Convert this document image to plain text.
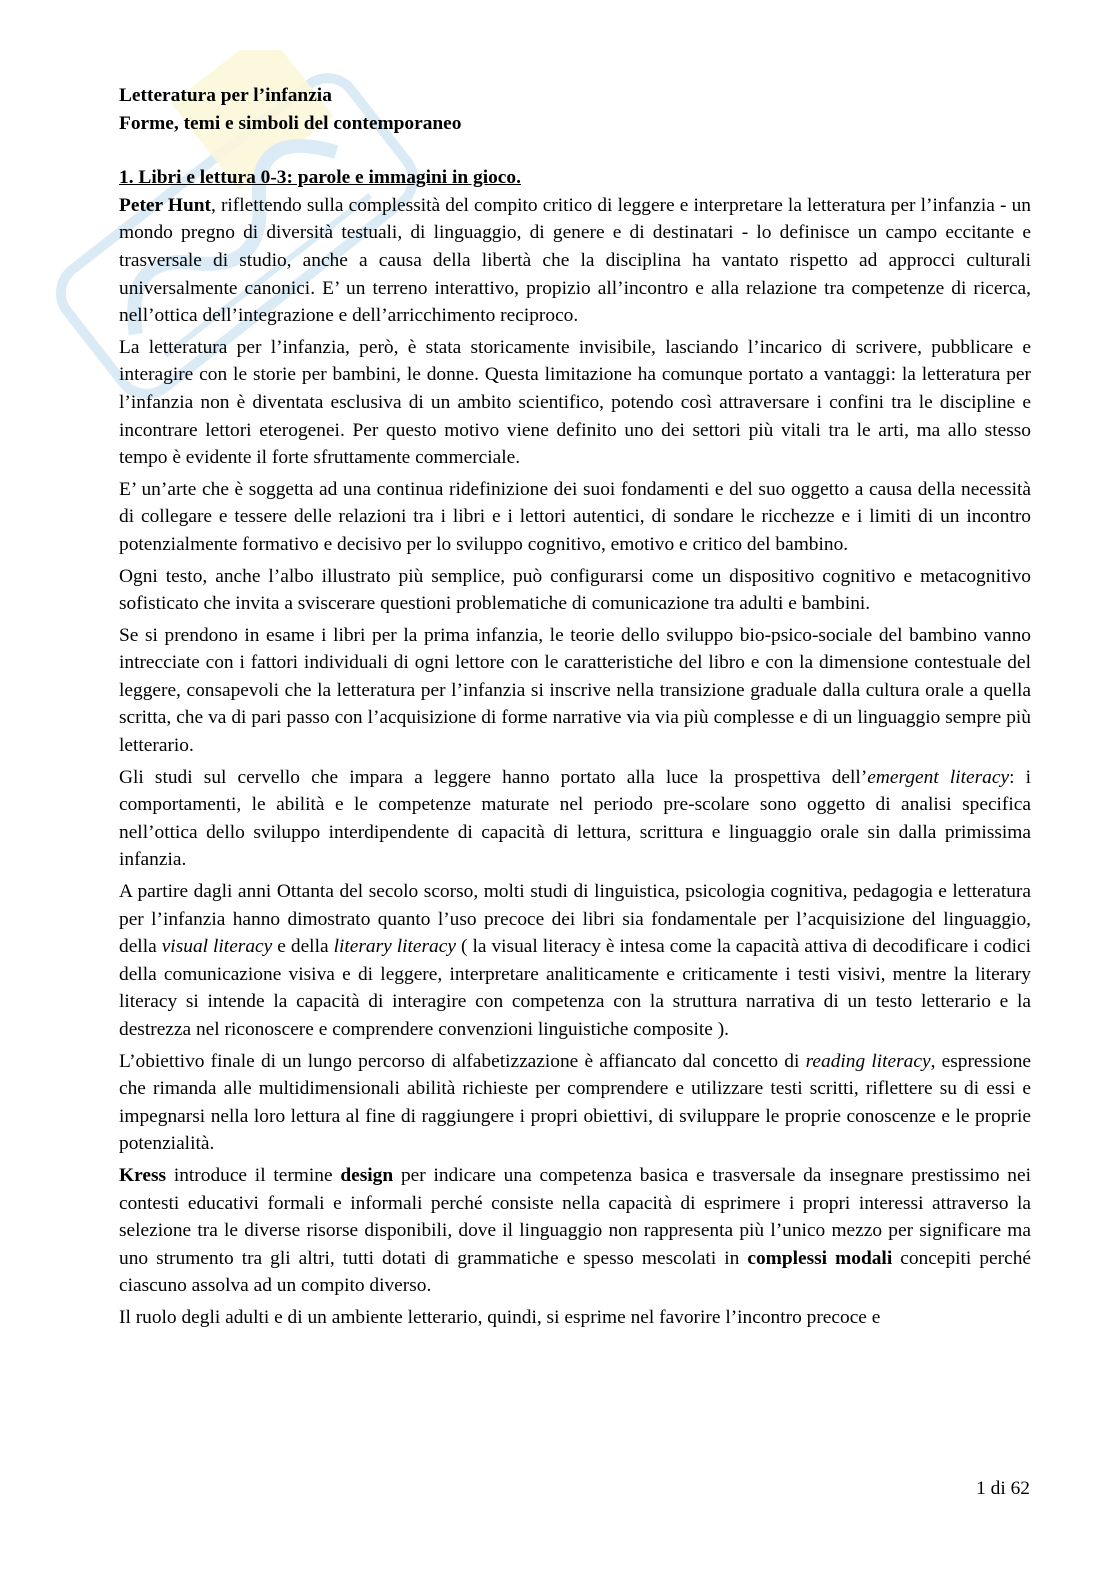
Letteratura per l’infanzia
Forme, temi e simboli del contemporaneo
1. Libri e lettura 0-3: parole e immagini in gioco.

Peter Hunt, riflettendo sulla complessità del compito critico di leggere e interpretare la letteratura per l’infanzia - un mondo pregno di diversità testuali, di linguaggio, di genere e di destinatari - lo definisce un campo eccitante e trasversale di studio, anche a causa della libertà che la disciplina ha vantato rispetto ad approcci culturali universalmente canonici. E’ un terreno interattivo, propizio all’incontro e alla relazione tra competenze di ricerca, nell’ottica dell’integrazione e dell’arricchimento reciproco.

La letteratura per l’infanzia, però, è stata storicamente invisibile, lasciando l’incarico di scrivere, pubblicare e interagire con le storie per bambini, le donne. Questa limitazione ha comunque portato a vantaggi: la letteratura per l’infanzia non è diventata esclusiva di un ambito scientifico, potendo così attraversare i confini tra le discipline e incontrare lettori eterogenei. Per questo motivo viene definito uno dei settori più vitali tra le arti, ma allo stesso tempo è evidente il forte sfruttamente commerciale.

E’ un’arte che è soggetta ad una continua ridefinizione dei suoi fondamenti e del suo oggetto a causa della necessità di collegare e tessere delle relazioni tra i libri e i lettori autentici, di sondare le ricchezze e i limiti di un incontro potenzialmente formativo e decisivo per lo sviluppo cognitivo, emotivo e critico del bambino.

Ogni testo, anche l’albo illustrato più semplice, può configurarsi come un dispositivo cognitivo e metacognitivo sofisticato che invita a sviscerare questioni problematiche di comunicazione tra adulti e bambini.

Se si prendono in esame i libri per la prima infanzia, le teorie dello sviluppo bio-psico-sociale del bambino vanno intrecciate con i fattori individuali di ogni lettore con le caratteristiche del libro e con la dimensione contestuale del leggere, consapevoli che la letteratura per l’infanzia si inscrive nella transizione graduale dalla cultura orale a quella scritta, che va di pari passo con l’acquisizione di forme narrative via via più complesse e di un linguaggio sempre più letterario.

Gli studi sul cervello che impara a leggere hanno portato alla luce la prospettiva dell’emergent literacy: i comportamenti, le abilità e le competenze maturate nel periodo pre-scolare sono oggetto di analisi specifica nell’ottica dello sviluppo interdipendente di capacità di lettura, scrittura e linguaggio orale sin dalla primissima infanzia.

A partire dagli anni Ottanta del secolo scorso, molti studi di linguistica, psicologia cognitiva, pedagogia e letteratura per l’infanzia hanno dimostrato quanto l’uso precoce dei libri sia fondamentale per l’acquisizione del linguaggio, della visual literacy e della literary literacy ( la visual literacy è intesa come la capacità attiva di decodificare i codici della comunicazione visiva e di leggere, interpretare analiticamente e criticamente i testi visivi, mentre la literary literacy si intende la capacità di interagire con competenza con la struttura narrativa di un testo letterario e la destrezza nel riconoscere e comprendere convenzioni linguistiche composite ).

L’obiettivo finale di un lungo percorso di alfabetizzazione è affiancato dal concetto di reading literacy, espressione che rimanda alle multidimensionali abilità richieste per comprendere e utilizzare testi scritti, riflettere su di essi e impegnarsi nella loro lettura al fine di raggiungere i propri obiettivi, di sviluppare le proprie conoscenze e le proprie potenzialità.

Kress introduce il termine design per indicare una competenza basica e trasversale da insegnare prestissimo nei contesti educativi formali e informali perché consiste nella capacità di esprimere i propri interessi attraverso la selezione tra le diverse risorse disponibili, dove il linguaggio non rappresenta più l’unico mezzo per significare ma uno strumento tra gli altri, tutti dotati di grammatiche e spesso mescolati in complessi modali concepiti perché ciascuno assolva ad un compito diverso.

Il ruolo degli adulti e di un ambiente letterario, quindi, si esprime nel favorire l’incontro precoce e

1 di 62
